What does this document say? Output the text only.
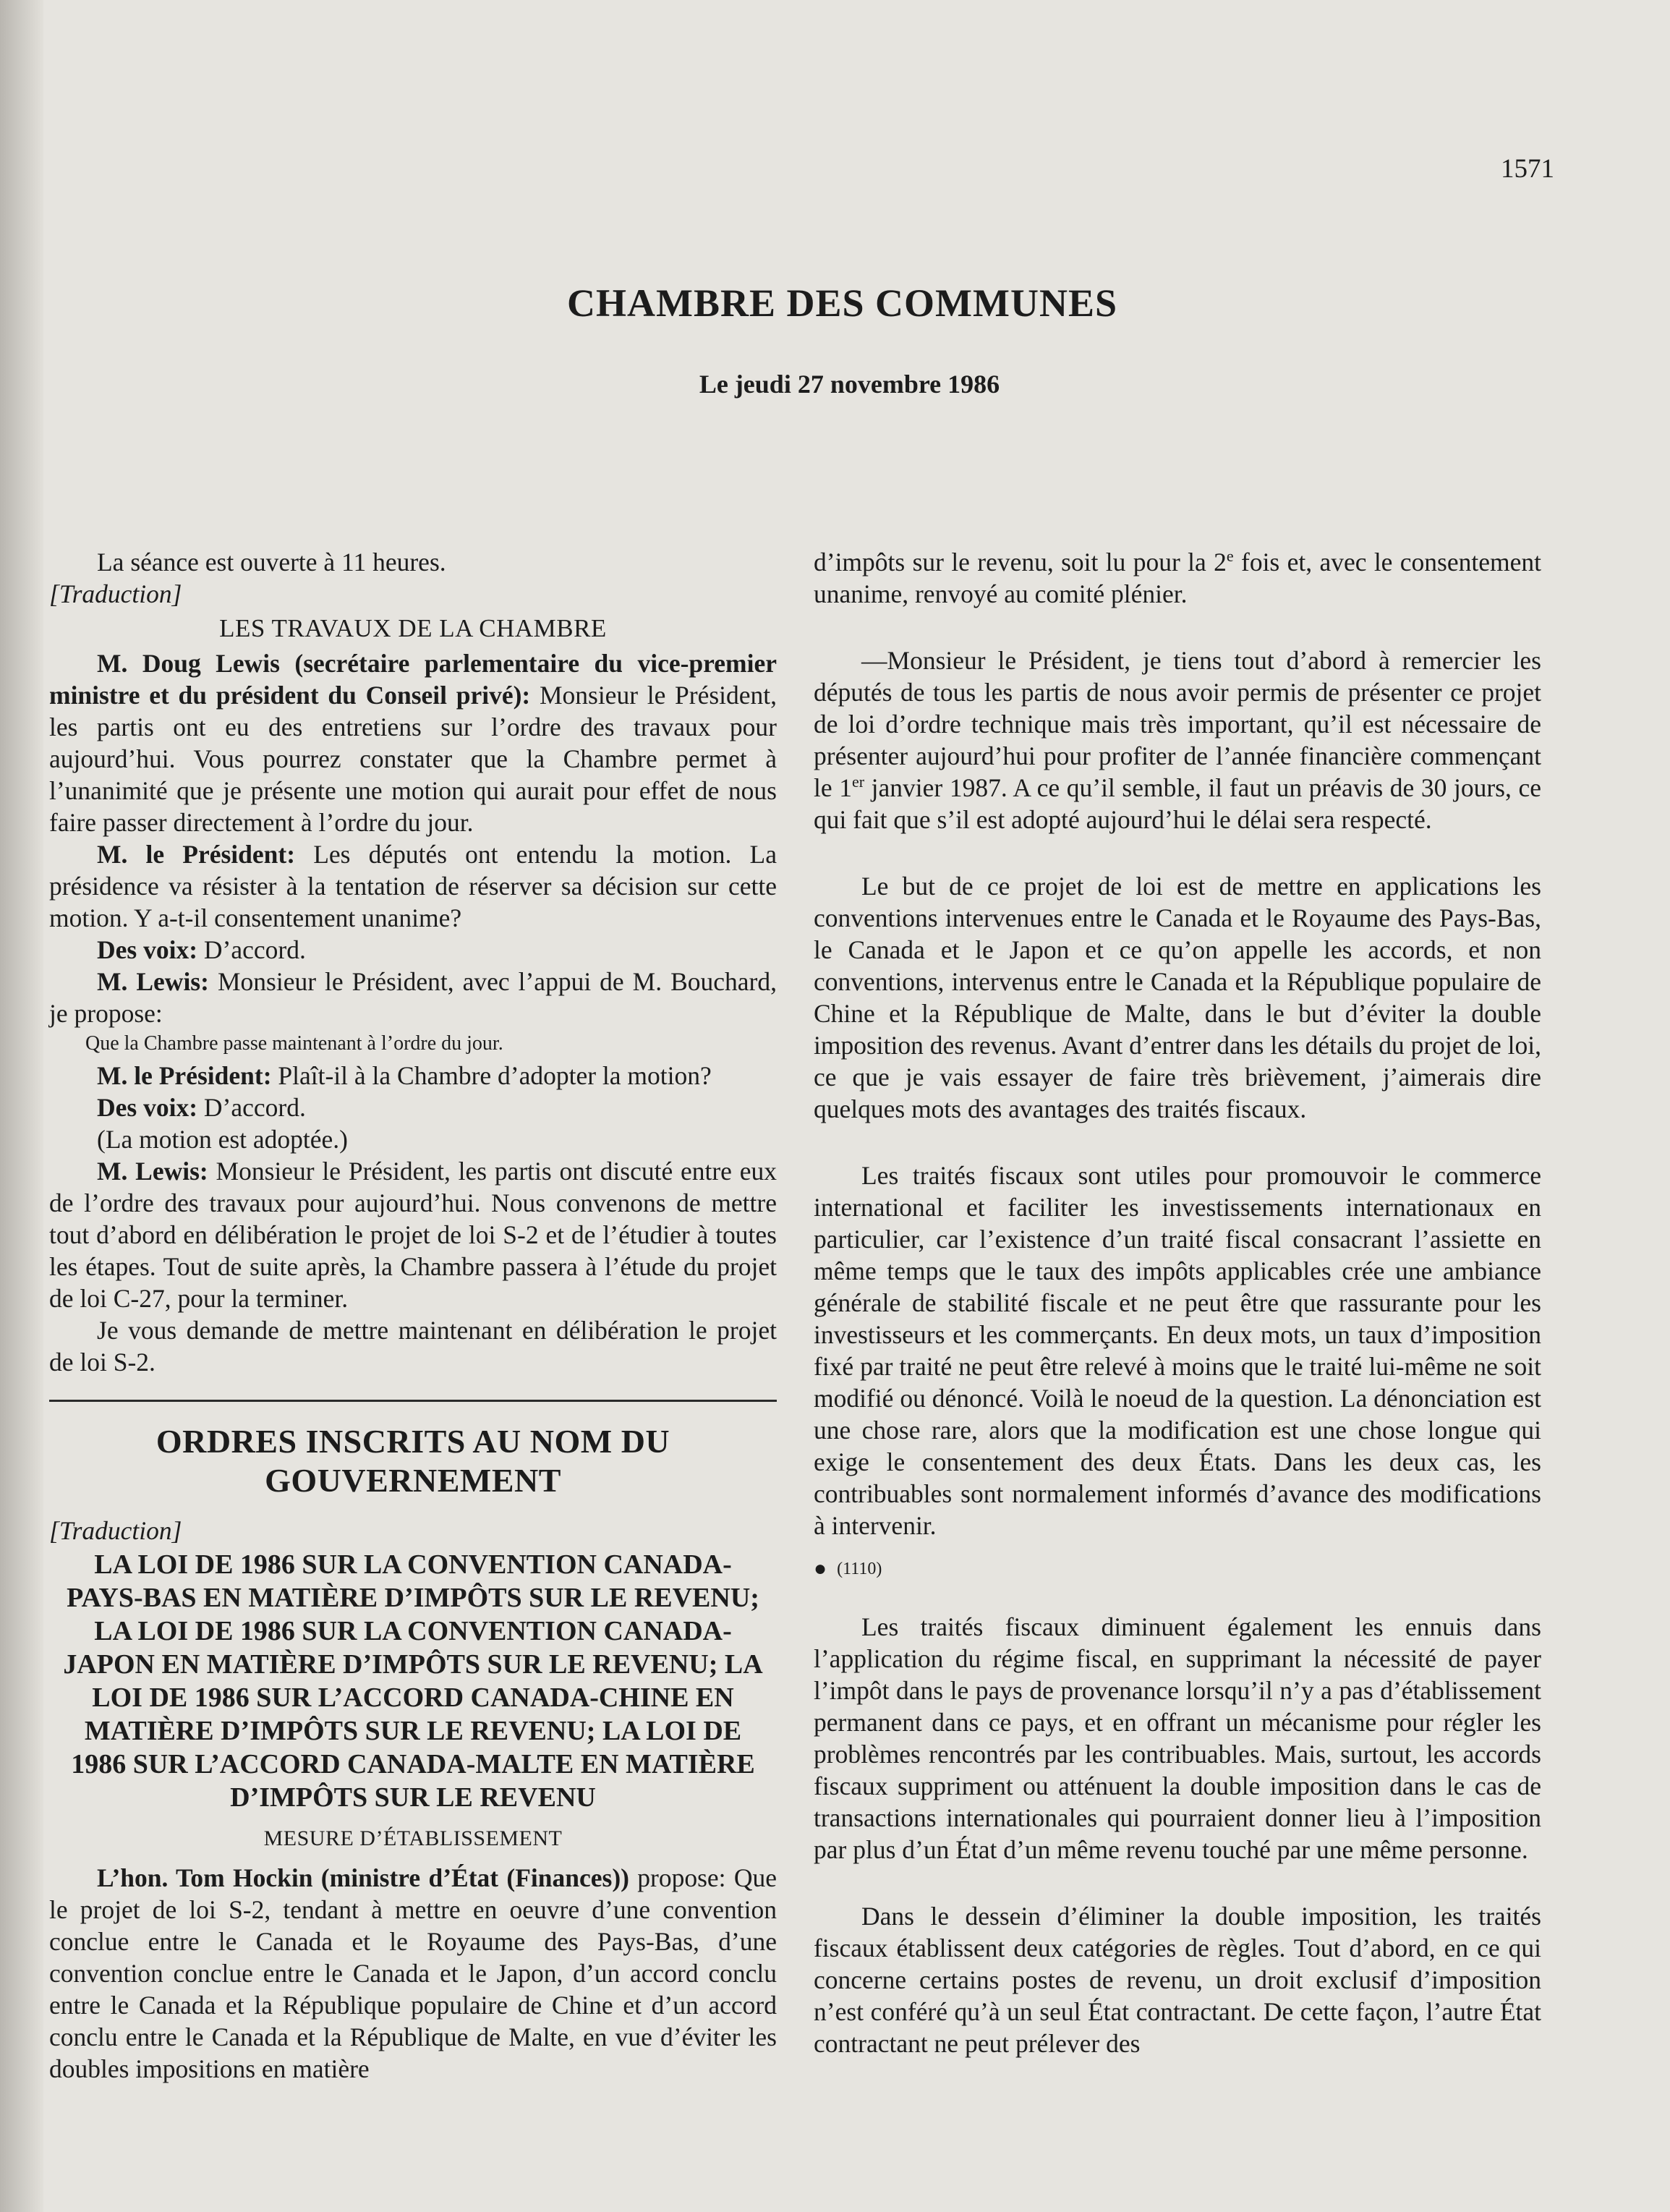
1571
CHAMBRE DES COMMUNES
Le jeudi 27 novembre 1986

La séance est ouverte à 11 heures.

[Traduction]

LES TRAVAUX DE LA CHAMBRE

M. Doug Lewis (secrétaire parlementaire du vice-premier ministre et du président du Conseil privé): Monsieur le Président, les partis ont eu des entretiens sur l’ordre des travaux pour aujourd’hui. Vous pourrez constater que la Chambre permet à l’unanimité que je présente une motion qui aurait pour effet de nous faire passer directement à l’ordre du jour.

M. le Président: Les députés ont entendu la motion. La présidence va résister à la tentation de réserver sa décision sur cette motion. Y a-t-il consentement unanime?

Des voix: D’accord.

M. Lewis: Monsieur le Président, avec l’appui de M. Bouchard, je propose:

Que la Chambre passe maintenant à l’ordre du jour.

M. le Président: Plaît-il à la Chambre d’adopter la motion?

Des voix: D’accord.

(La motion est adoptée.)

M. Lewis: Monsieur le Président, les partis ont discuté entre eux de l’ordre des travaux pour aujourd’hui. Nous convenons de mettre tout d’abord en délibération le projet de loi S-2 et de l’étudier à toutes les étapes. Tout de suite après, la Chambre passera à l’étude du projet de loi C-27, pour la terminer.

Je vous demande de mettre maintenant en délibération le projet de loi S-2.

ORDRES INSCRITS AU NOM DU
GOUVERNEMENT

[Traduction]

LA LOI DE 1986 SUR LA CONVENTION CANADA-PAYS-BAS EN MATIÈRE D’IMPÔTS SUR LE REVENU; LA LOI DE 1986 SUR LA CONVENTION CANADA-JAPON EN MATIÈRE D’IMPÔTS SUR LE REVENU; LA LOI DE 1986 SUR L’ACCORD CANADA-CHINE EN MATIÈRE D’IMPÔTS SUR LE REVENU; LA LOI DE 1986 SUR L’ACCORD CANADA-MALTE EN MATIÈRE D’IMPÔTS SUR LE REVENU

MESURE D’ÉTABLISSEMENT

L’hon. Tom Hockin (ministre d’État (Finances)) propose: Que le projet de loi S-2, tendant à mettre en oeuvre d’une convention conclue entre le Canada et le Royaume des Pays-Bas, d’une convention conclue entre le Canada et le Japon, d’un accord conclu entre le Canada et la République populaire de Chine et d’un accord conclu entre le Canada et la République de Malte, en vue d’éviter les doubles impositions en matière

d’impôts sur le revenu, soit lu pour la 2e fois et, avec le consentement unanime, renvoyé au comité plénier.

—Monsieur le Président, je tiens tout d’abord à remercier les députés de tous les partis de nous avoir permis de présenter ce projet de loi d’ordre technique mais très important, qu’il est nécessaire de présenter aujourd’hui pour profiter de l’année financière commençant le 1er janvier 1987. A ce qu’il semble, il faut un préavis de 30 jours, ce qui fait que s’il est adopté aujourd’hui le délai sera respecté.

Le but de ce projet de loi est de mettre en applications les conventions intervenues entre le Canada et le Royaume des Pays-Bas, le Canada et le Japon et ce qu’on appelle les accords, et non conventions, intervenus entre le Canada et la République populaire de Chine et la République de Malte, dans le but d’éviter la double imposition des revenus. Avant d’entrer dans les détails du projet de loi, ce que je vais essayer de faire très brièvement, j’aimerais dire quelques mots des avantages des traités fiscaux.

Les traités fiscaux sont utiles pour promouvoir le commerce international et faciliter les investissements internationaux en particulier, car l’existence d’un traité fiscal consacrant l’assiette en même temps que le taux des impôts applicables crée une ambiance générale de stabilité fiscale et ne peut être que rassurante pour les investisseurs et les commerçants. En deux mots, un taux d’imposition fixé par traité ne peut être relevé à moins que le traité lui-même ne soit modifié ou dénoncé. Voilà le noeud de la question. La dénonciation est une chose rare, alors que la modification est une chose longue qui exige le consentement des deux États. Dans les deux cas, les contribuables sont normalement informés d’avance des modifications à intervenir.

● (1110)

Les traités fiscaux diminuent également les ennuis dans l’application du régime fiscal, en supprimant la nécessité de payer l’impôt dans le pays de provenance lorsqu’il n’y a pas d’établissement permanent dans ce pays, et en offrant un mécanisme pour régler les problèmes rencontrés par les contribuables. Mais, surtout, les accords fiscaux suppriment ou atténuent la double imposition dans le cas de transactions internationales qui pourraient donner lieu à l’imposition par plus d’un État d’un même revenu touché par une même personne.

Dans le dessein d’éliminer la double imposition, les traités fiscaux établissent deux catégories de règles. Tout d’abord, en ce qui concerne certains postes de revenu, un droit exclusif d’imposition n’est conféré qu’à un seul État contractant. De cette façon, l’autre État contractant ne peut prélever des
